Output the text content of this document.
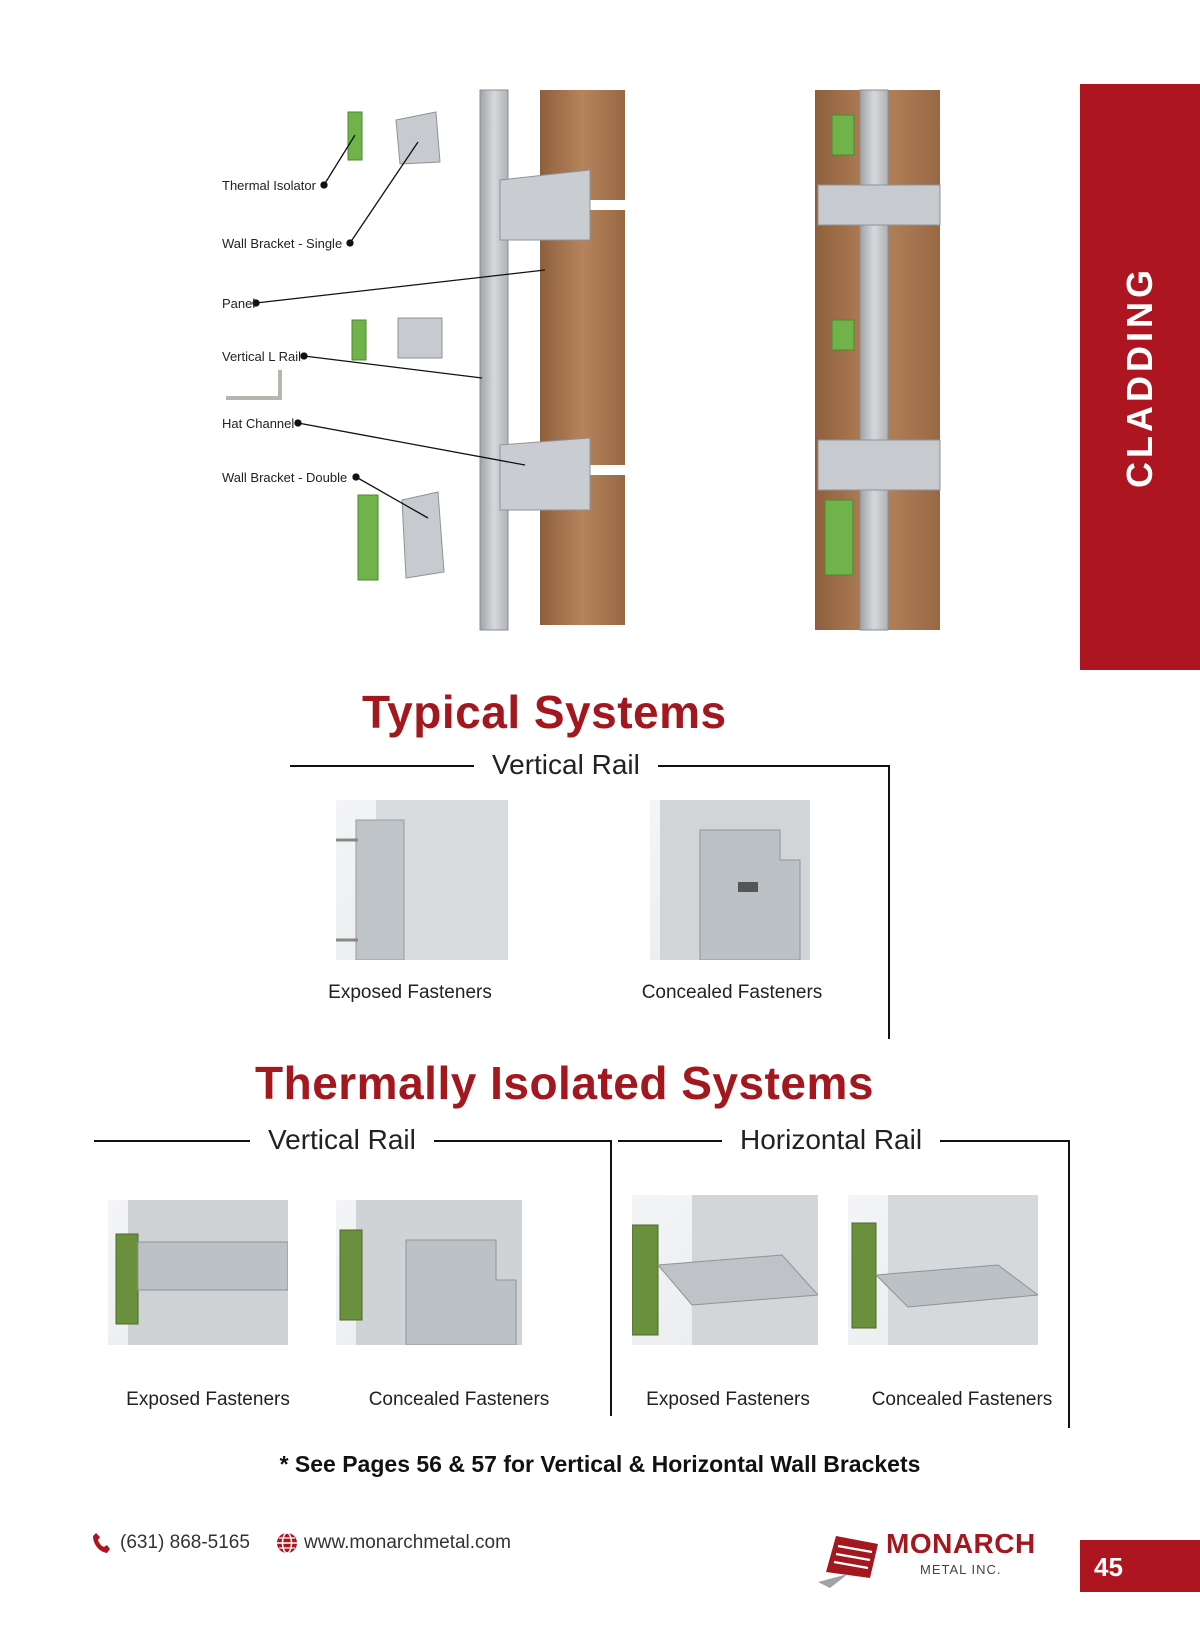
CLADDING
Thermal Isolator
Wall Bracket - Single
Panel
Vertical L Rail
Hat Channel
Wall Bracket - Double
Typical Systems
Vertical Rail
Exposed Fasteners	Concealed Fasteners
Thermally Isolated Systems
Vertical Rail	Horizontal Rail
Exposed Fasteners	Concealed Fasteners	Exposed Fasteners	Concealed Fasteners
* See Pages 56 & 57 for Vertical & Horizontal Wall Brackets
(631) 868-5165	www.monarchmetal.com	MONARCH
METAL INC.	45
